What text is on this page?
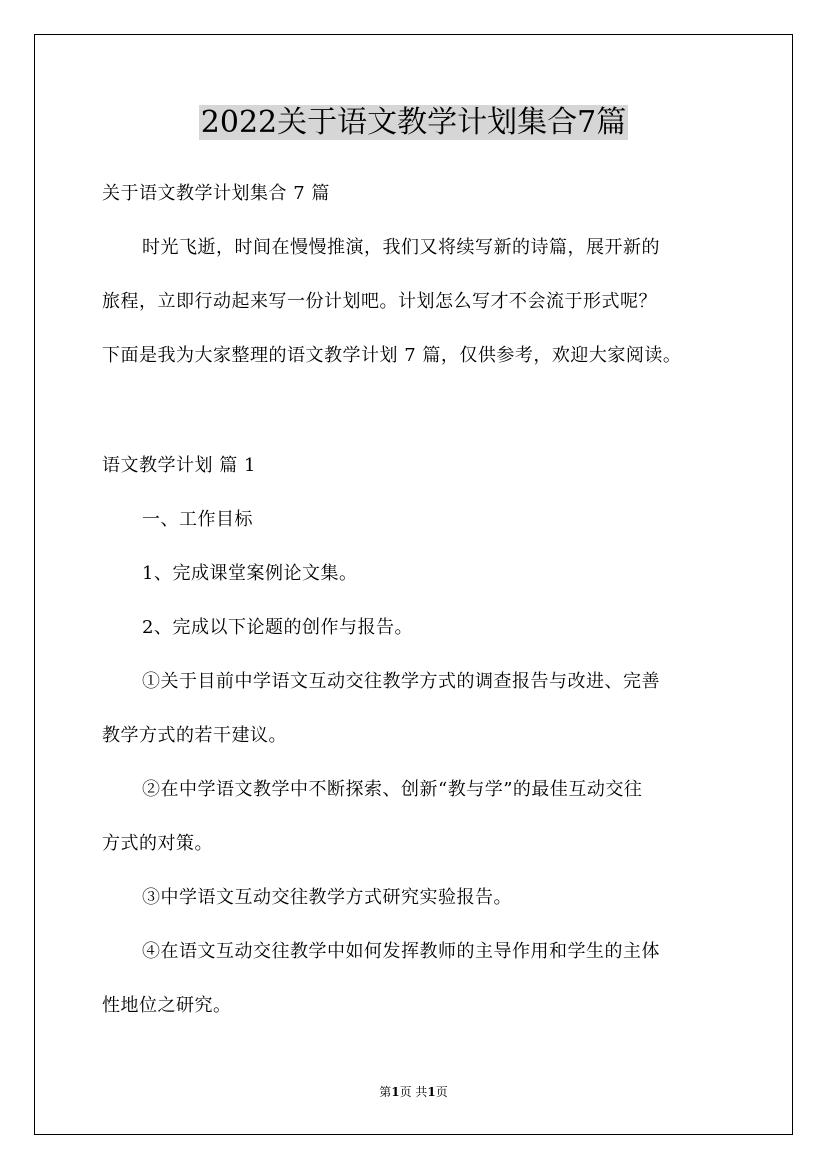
2022关于语文教学计划集合7篇
关于语文教学计划集合 7 篇
时光飞逝，时间在慢慢推演，我们又将续写新的诗篇，展开新的
旅程，立即行动起来写一份计划吧。计划怎么写才不会流于形式呢？
下面是我为大家整理的语文教学计划 7 篇，仅供参考，欢迎大家阅读。
语文教学计划 篇 1
一、工作目标
1、完成课堂案例论文集。
2、完成以下论题的创作与报告。
①关于目前中学语文互动交往教学方式的调查报告与改进、完善
教学方式的若干建议。
②在中学语文教学中不断探索、创新“教与学”的最佳互动交往
方式的对策。
③中学语文互动交往教学方式研究实验报告。
④在语文互动交往教学中如何发挥教师的主导作用和学生的主体
性地位之研究。
第1页 共1页
